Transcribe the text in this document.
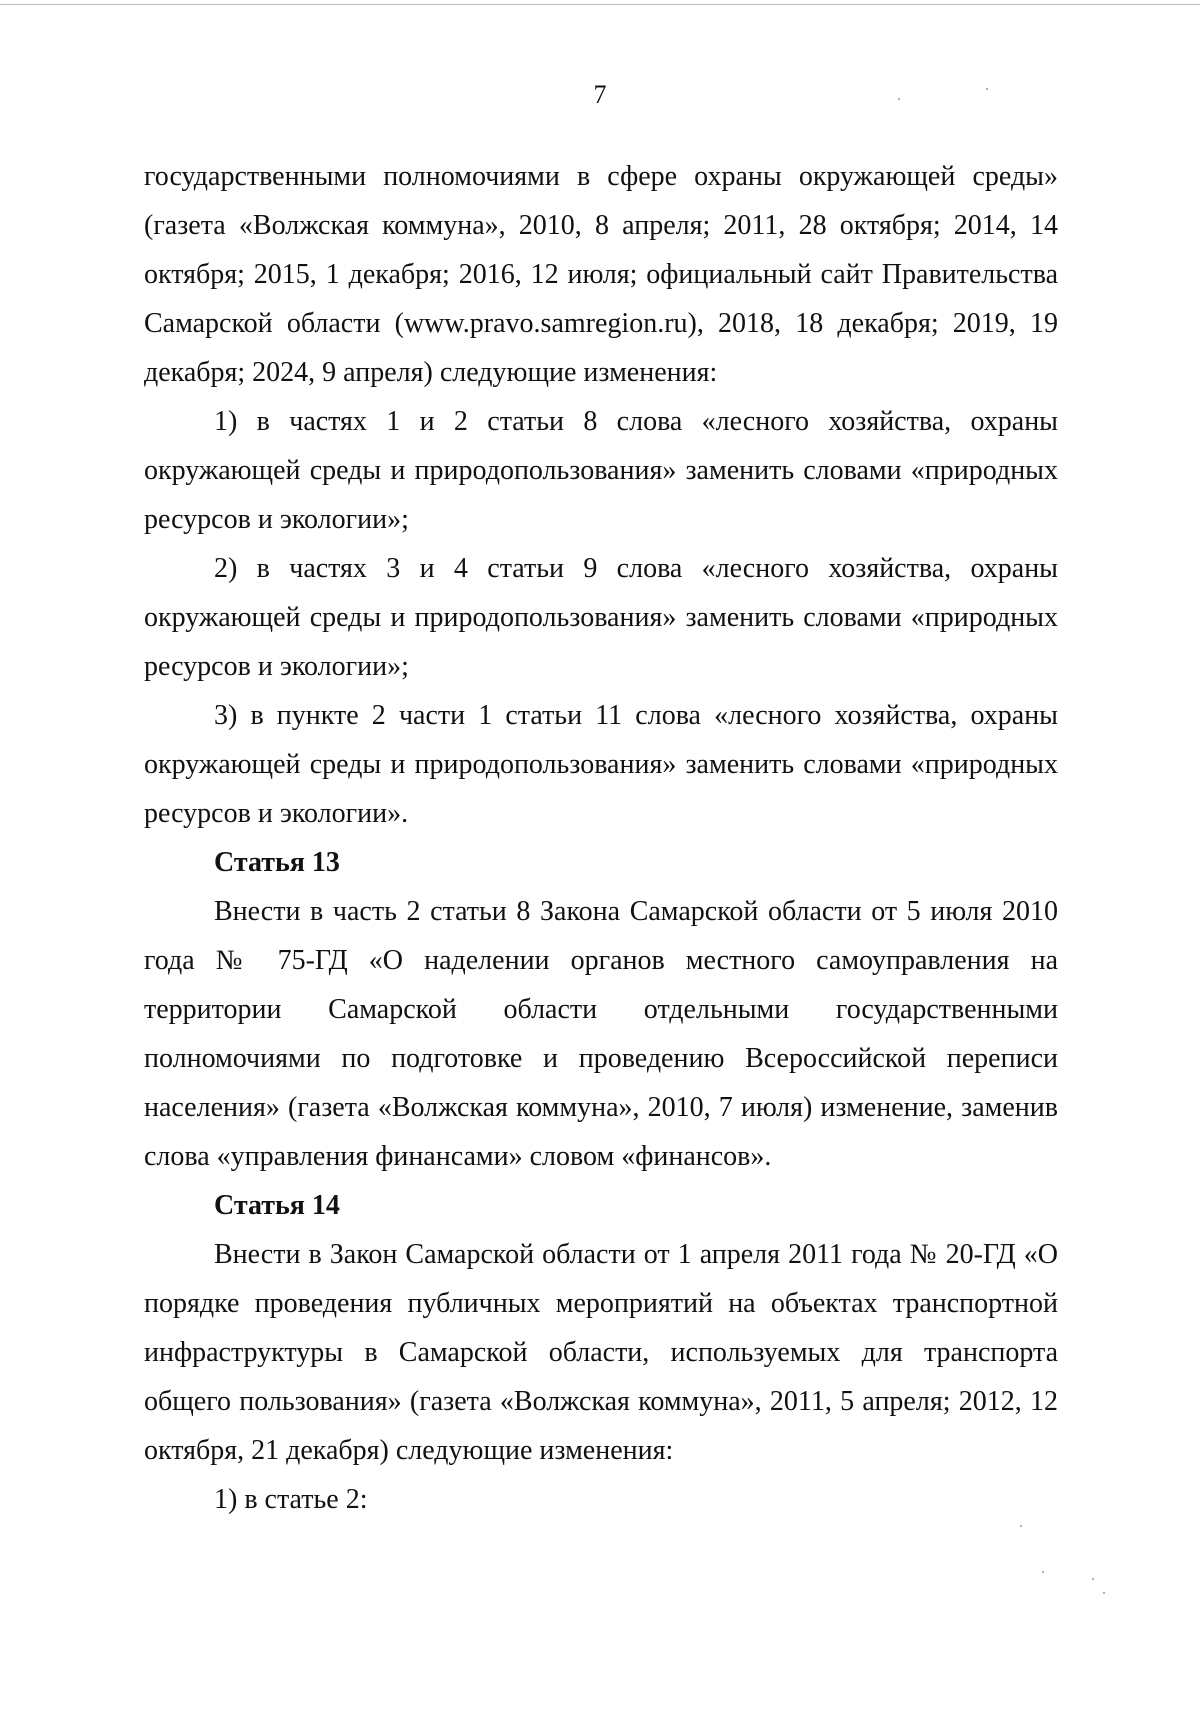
7

государственными полномочиями в сфере охраны окружающей среды» (газета «Волжская коммуна», 2010, 8 апреля; 2011, 28 октября; 2014, 14 октября; 2015, 1 декабря; 2016, 12 июля; официальный сайт Правительства Самарской области (www.pravo.samregion.ru), 2018, 18 декабря; 2019, 19 декабря; 2024, 9 апреля) следующие изменения:

1) в частях 1 и 2 статьи 8 слова «лесного хозяйства, охраны окружающей среды и природопользования» заменить словами «природных ресурсов и экологии»;

2) в частях 3 и 4 статьи 9 слова «лесного хозяйства, охраны окружающей среды и природопользования» заменить словами «природных ресурсов и экологии»;

3) в пункте 2 части 1 статьи 11 слова «лесного хозяйства, охраны окружающей среды и природопользования» заменить словами «природных ресурсов и экологии».

Статья 13

Внести в часть 2 статьи 8 Закона Самарской области от 5 июля 2010 года № 75-ГД «О наделении органов местного самоуправления на территории Самарской области отдельными государственными полномочиями по подготовке и проведению Всероссийской переписи населения» (газета «Волжская коммуна», 2010, 7 июля) изменение, заменив слова «управления финансами» словом «финансов».

Статья 14

Внести в Закон Самарской области от 1 апреля 2011 года № 20-ГД «О порядке проведения публичных мероприятий на объектах транспортной инфраструктуры в Самарской области, используемых для транспорта общего пользования» (газета «Волжская коммуна», 2011, 5 апреля; 2012, 12 октября, 21 декабря) следующие изменения:

1) в статье 2:
